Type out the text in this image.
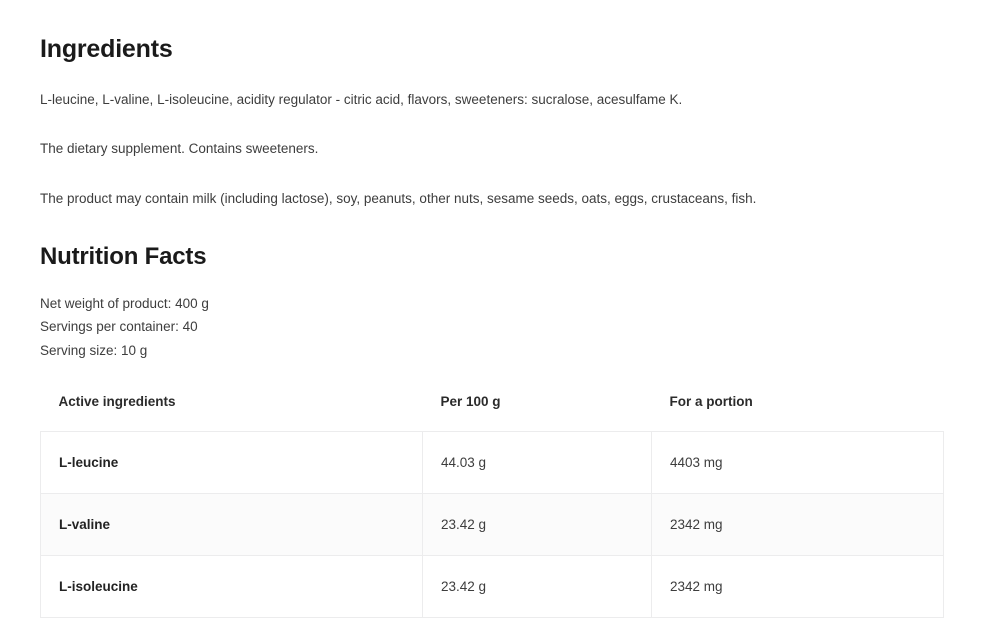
Ingredients

L-leucine, L-valine, L-isoleucine, acidity regulator - citric acid, flavors, sweeteners: sucralose, acesulfame K.

The dietary supplement. Contains sweeteners.

The product may contain milk (including lactose), soy, peanuts, other nuts, sesame seeds, oats, eggs, crustaceans, fish.

Nutrition Facts
Net weight of product: 400 g
Servings per container: 40
Serving size: 10 g
Active ingredients	Per 100 g	For a portion
L-leucine	44.03 g	4403 mg
L-valine	23.42 g	2342 mg
L-isoleucine	23.42 g	2342 mg
